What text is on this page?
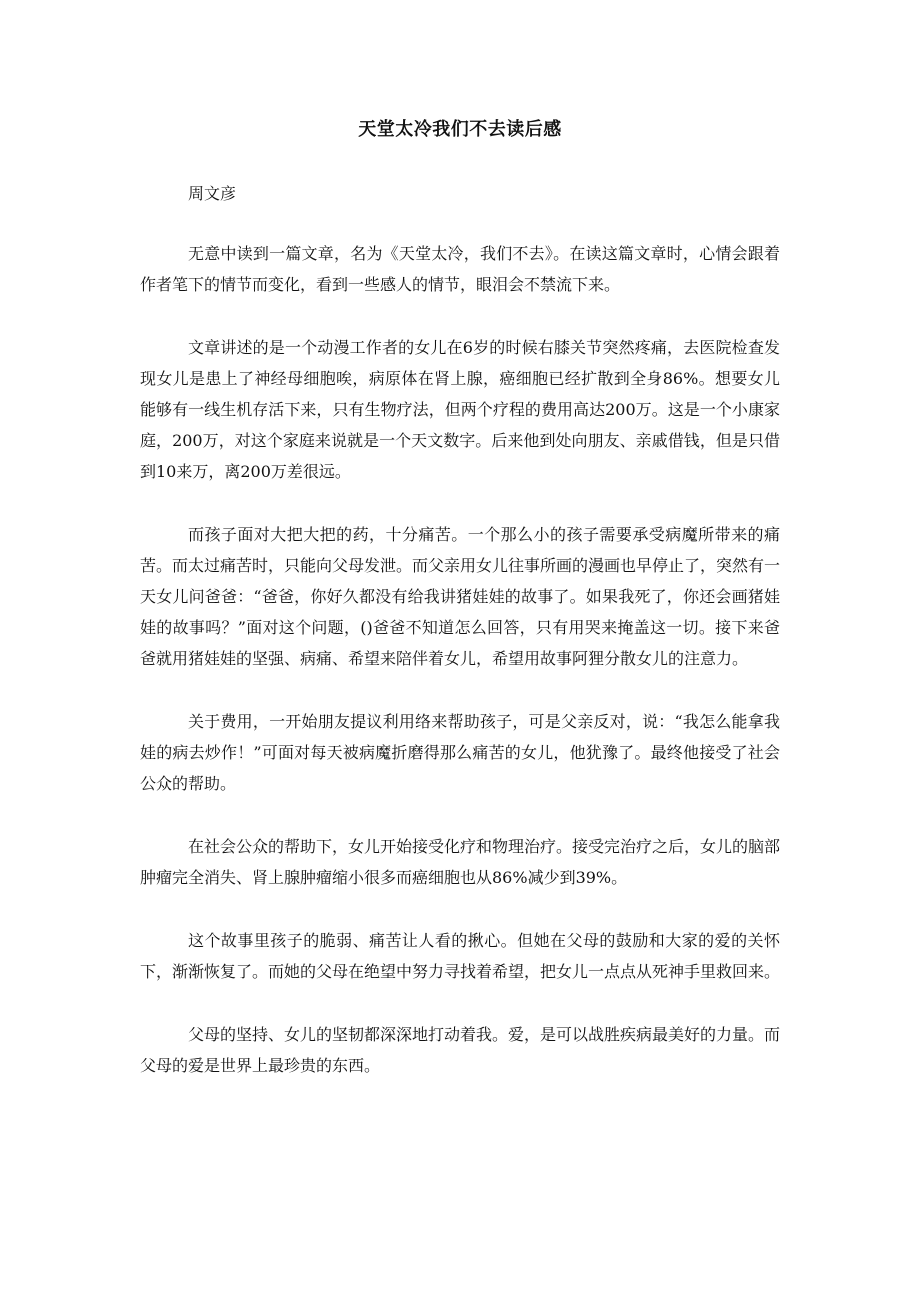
天堂太冷我们不去读后感
周文彦

无意中读到一篇文章，名为《天堂太冷，我们不去》。在读这篇文章时，心情会跟着作者笔下的情节而变化，看到一些感人的情节，眼泪会不禁流下来。

文章讲述的是一个动漫工作者的女儿在6岁的时候右膝关节突然疼痛，去医院检查发现女儿是患上了神经母细胞唉，病原体在肾上腺，癌细胞已经扩散到全身86%。想要女儿能够有一线生机存活下来，只有生物疗法，但两个疗程的费用高达200万。这是一个小康家庭，200万，对这个家庭来说就是一个天文数字。后来他到处向朋友、亲戚借钱，但是只借到10来万，离200万差很远。

而孩子面对大把大把的药，十分痛苦。一个那么小的孩子需要承受病魔所带来的痛苦。而太过痛苦时，只能向父母发泄。而父亲用女儿往事所画的漫画也早停止了，突然有一天女儿问爸爸：“爸爸，你好久都没有给我讲猪娃娃的故事了。如果我死了，你还会画猪娃娃的故事吗？”面对这个问题，()爸爸不知道怎么回答，只有用哭来掩盖这一切。接下来爸爸就用猪娃娃的坚强、病痛、希望来陪伴着女儿，希望用故事阿狸分散女儿的注意力。

关于费用，一开始朋友提议利用络来帮助孩子，可是父亲反对，说：“我怎么能拿我娃的病去炒作！”可面对每天被病魔折磨得那么痛苦的女儿，他犹豫了。最终他接受了社会公众的帮助。

在社会公众的帮助下，女儿开始接受化疗和物理治疗。接受完治疗之后，女儿的脑部肿瘤完全消失、肾上腺肿瘤缩小很多而癌细胞也从86%减少到39%。

这个故事里孩子的脆弱、痛苦让人看的揪心。但她在父母的鼓励和大家的爱的关怀下，渐渐恢复了。而她的父母在绝望中努力寻找着希望，把女儿一点点从死神手里救回来。

父母的坚持、女儿的坚韧都深深地打动着我。爱，是可以战胜疾病最美好的力量。而父母的爱是世界上最珍贵的东西。
